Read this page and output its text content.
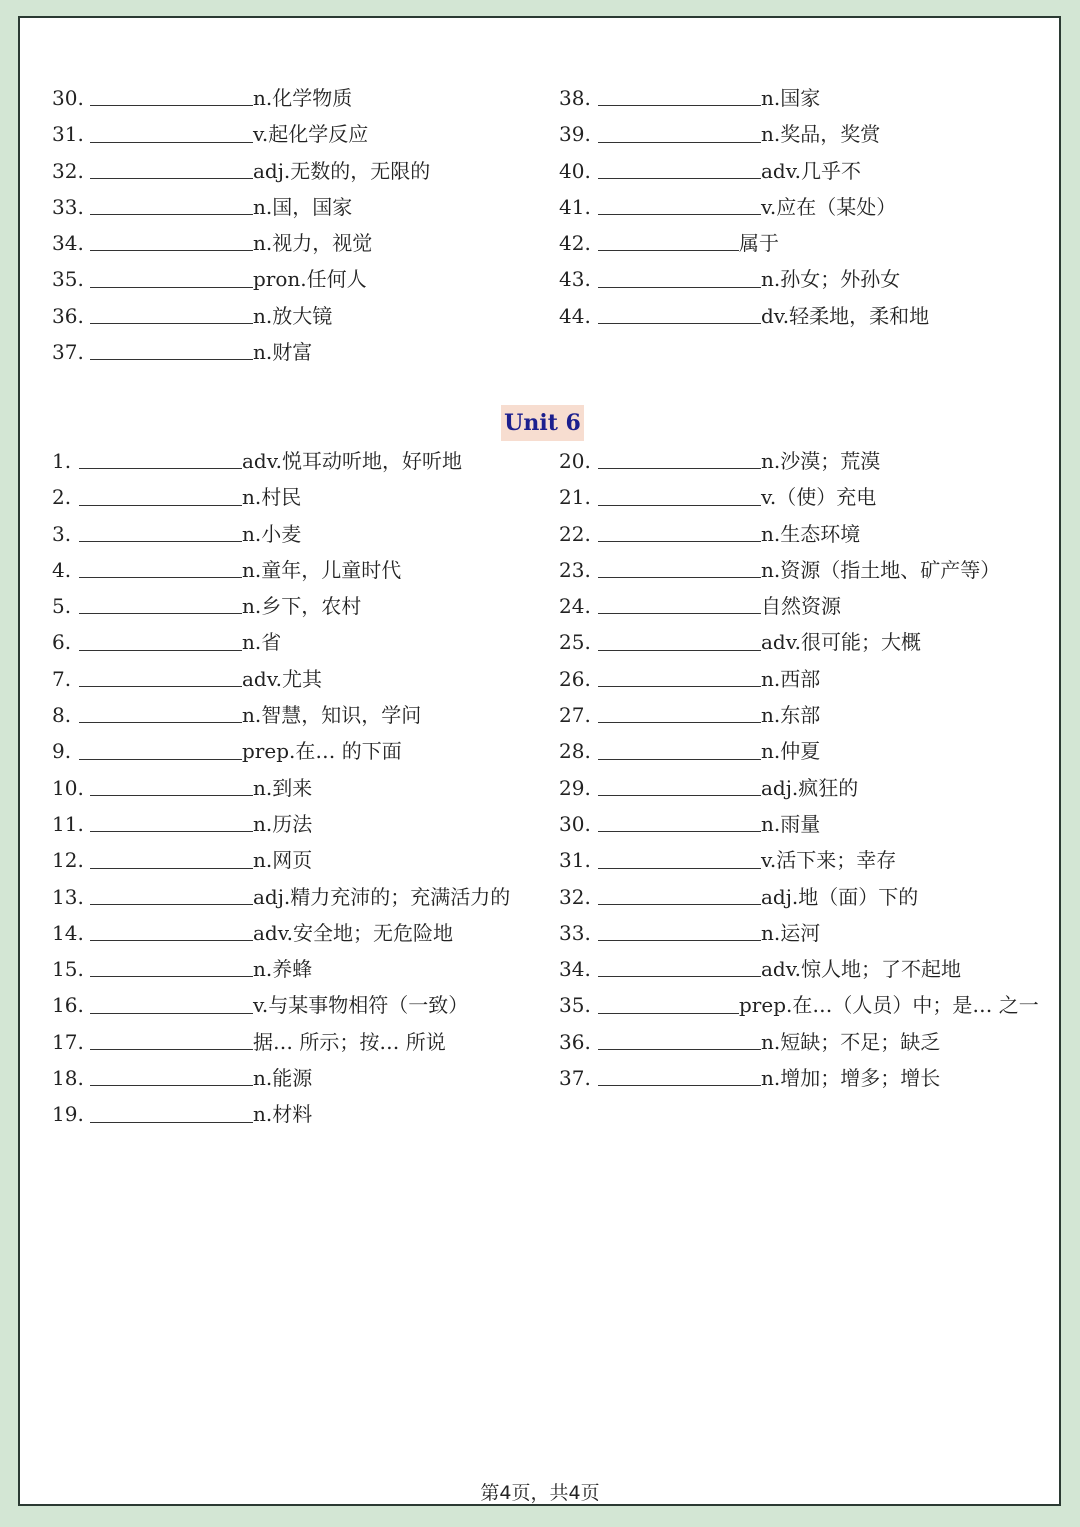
30.	n.化学物质
31.	v.起化学反应
32.	adj.无数的，无限的
33.	n.国，国家
34.	n.视力，视觉
35.	pron.任何人
36.	n.放大镜
37.	n.财富
38.	n.国家
39.	n.奖品，奖赏
40.	adv.几乎不
41.	v.应在（某处）
42.	属于
43.	n.孙女；外孙女
44.	dv.轻柔地，柔和地
Unit 6
1.	adv.悦耳动听地，好听地
2.	n.村民
3.	n.小麦
4.	n.童年，儿童时代
5.	n.乡下，农村
6.	n.省
7.	adv.尤其
8.	n.智慧，知识，学问
9.	prep.在… 的下面
10.	n.到来
11.	n.历法
12.	n.网页
13.	adj.精力充沛的；充满活力的
14.	adv.安全地；无危险地
15.	n.养蜂
16.	v.与某事物相符（一致）
17.	据… 所示；按… 所说
18.	n.能源
19.	n.材料
20.	n.沙漠；荒漠
21.	v.（使）充电
22.	n.生态环境
23.	n.资源（指土地、矿产等）
24.	自然资源
25.	adv.很可能；大概
26.	n.西部
27.	n.东部
28.	n.仲夏
29.	adj.疯狂的
30.	n.雨量
31.	v.活下来；幸存
32.	adj.地（面）下的
33.	n.运河
34.	adv.惊人地；了不起地
35.	prep.在…（人员）中；是… 之一
36.	n.短缺；不足；缺乏
37.	n.增加；增多；增长
第4页，共4页
